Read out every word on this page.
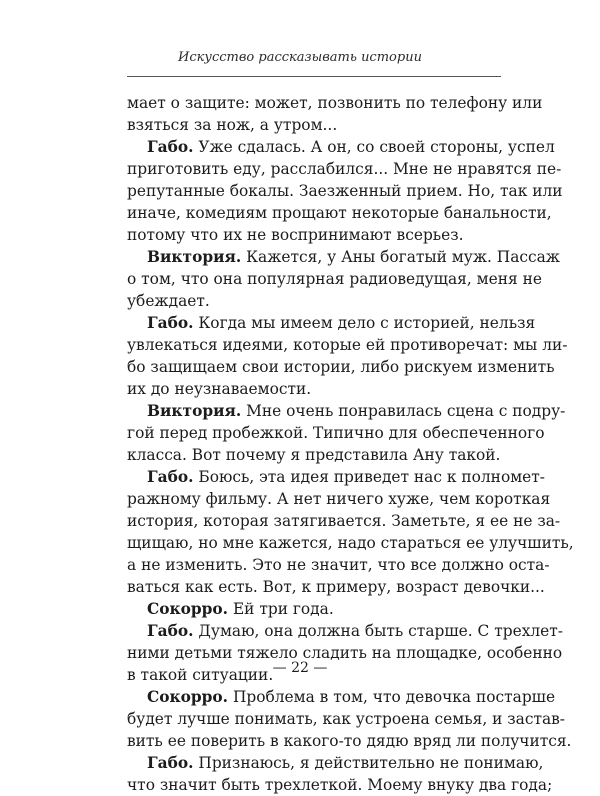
Искусство рассказывать истории
мает о защите: может, позвонить по телефону или
взяться за нож, а утром...
Габо. Уже сдалась. А он, со своей стороны, успел
приготовить еду, расслабился... Мне не нравятся пе-
репутанные бокалы. Заезженный прием. Но, так или
иначе, комедиям прощают некоторые банальности,
потому что их не воспринимают всерьез.
Виктория. Кажется, у Аны богатый муж. Пассаж
о том, что она популярная радиоведущая, меня не
убеждает.
Габо. Когда мы имеем дело с историей, нельзя
увлекаться идеями, которые ей противоречат: мы ли-
бо защищаем свои истории, либо рискуем изменить
их до неузнаваемости.
Виктория. Мне очень понравилась сцена с подру-
гой перед пробежкой. Типично для обеспеченного
класса. Вот почему я представила Ану такой.
Габо. Боюсь, эта идея приведет нас к полномет-
ражному фильму. А нет ничего хуже, чем короткая
история, которая затягивается. Заметьте, я ее не за-
щищаю, но мне кажется, надо стараться ее улучшить,
а не изменить. Это не значит, что все должно оста-
ваться как есть. Вот, к примеру, возраст девочки...
Сокорро. Ей три года.
Габо. Думаю, она должна быть старше. С трехлет-
ними детьми тяжело сладить на площадке, особенно
в такой ситуации.
Сокорро. Проблема в том, что девочка постарше
будет лучше понимать, как устроена семья, и застав-
вить ее поверить в какого-то дядю вряд ли получится.
Габо. Признаюсь, я действительно не понимаю,
что значит быть трехлеткой. Моему внуку два года;
— 22 —
